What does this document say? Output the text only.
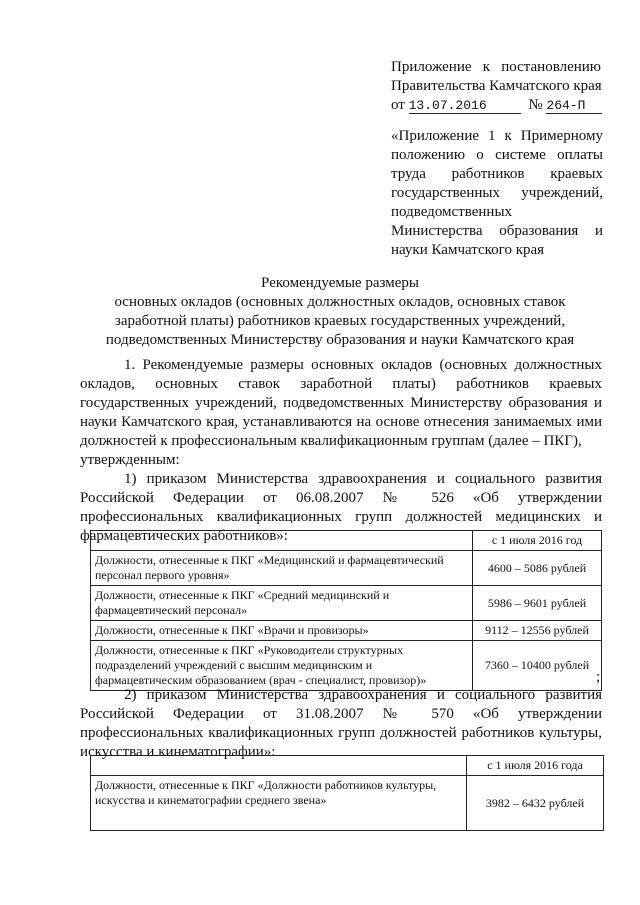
Приложение к постановлению
Правительства Камчатского края
от 13.07.2016	№ 264-П
«Приложение 1 к Примерному положению о системе оплаты труда работников краевых государственных учреждений, подведомственных Министерства образования и науки Камчатского края
Рекомендуемые размеры
основных окладов (основных должностных окладов, основных ставок
заработной платы) работников краевых государственных учреждений,
подведомственных Министерству образования и науки Камчатского края

1. Рекомендуемые размеры основных окладов (основных должностных окладов, основных ставок заработной платы) работников краевых государственных учреждений, подведомственных Министерству образования и науки Камчатского края, устанавливаются на основе отнесения занимаемых ими должностей к профессиональным квалификационным группам (далее – ПКГ),

утвержденным:

1) приказом Министерства здравоохранения и социального развития Российской Федерации от 06.08.2007 № 526 «Об утверждении профессиональных квалификационных групп должностей медицинских и фармацевтических работников»:

		с 1 июля 2016 год
Должности, отнесенные к ПКГ «Медицинский и фармацевтический персонал первого уровня»	4600 – 5086 рублей
Должности, отнесенные к ПКГ «Средний медицинский и фармацевтический персонал»	5986 – 9601 рублей
Должности, отнесенные к ПКГ «Врачи и провизоры»	9112 – 12556 рублей
Должности, отнесенные к ПКГ «Руководители структурных подразделений учреждений с высшим медицинским и фармацевтическим образованием (врач - специалист, провизор)»	7360 – 10400 рублей
;

2) приказом Министерства здравоохранения и социального развития Российской Федерации от 31.08.2007 № 570 «Об утверждении профессиональных квалификационных групп должностей работников культуры, искусства и кинематографии»:

	с 1 июля 2016 года
Должности, отнесенные к ПКГ «Должности работников культуры, искусства и кинематографии среднего звена»	3982 – 6432 рублей
